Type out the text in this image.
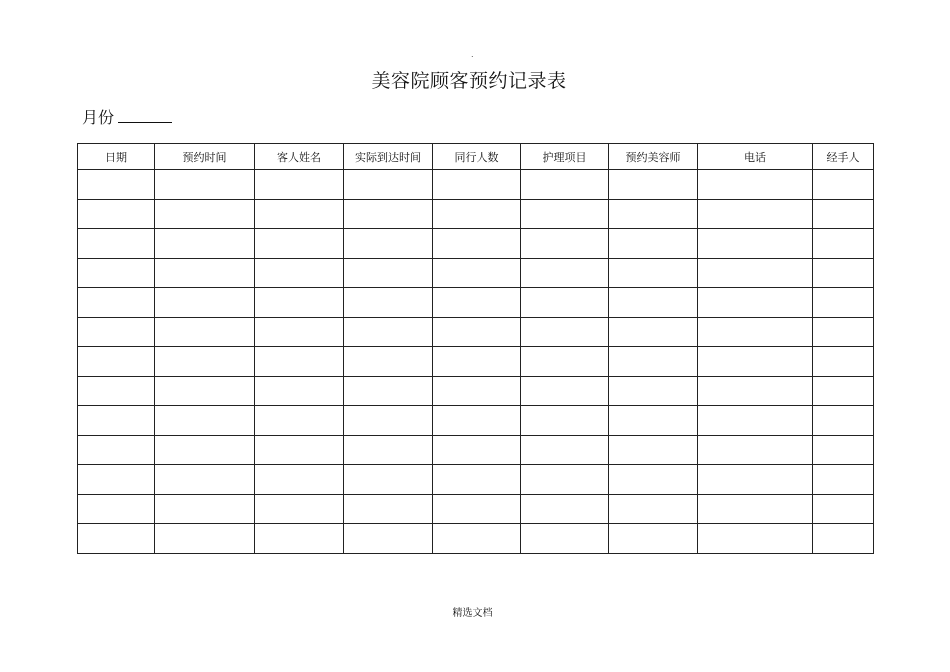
.
美容院顾客预约记录表
月份
日期	预约时间	客人姓名	实际到达时间	同行人数	护理项目	预约美容师	电话	经手人

精选文档
